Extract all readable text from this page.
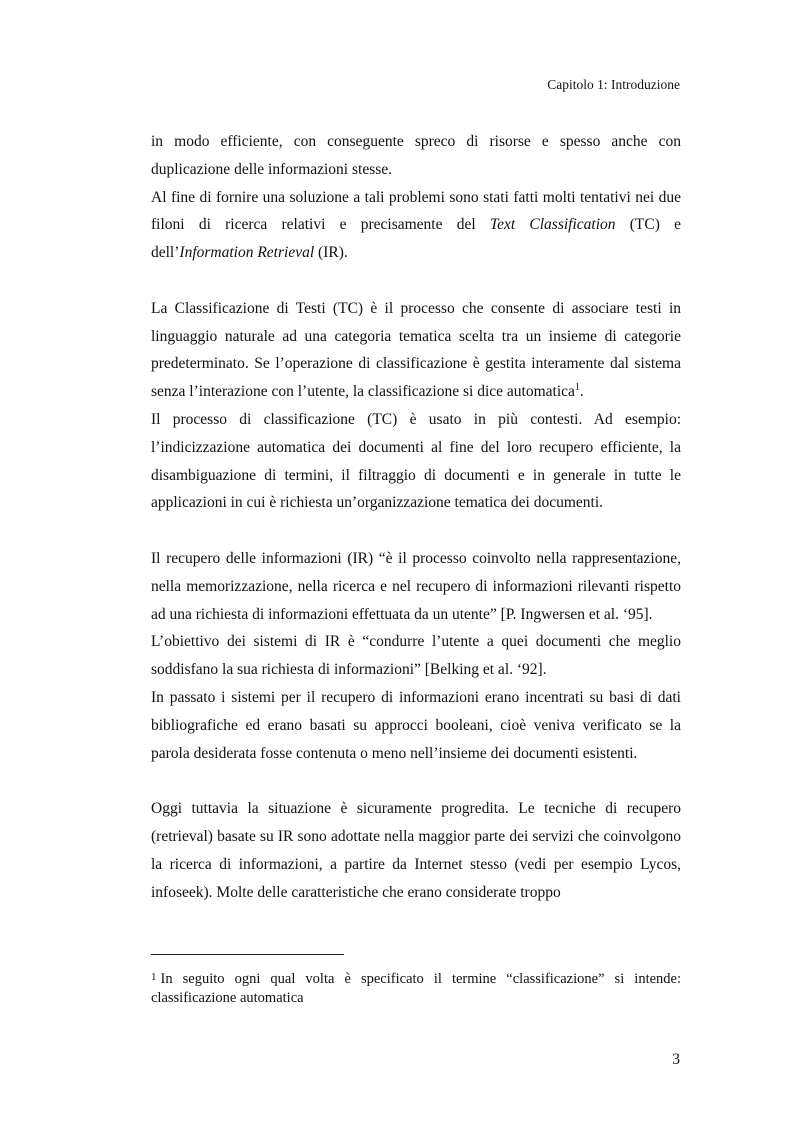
Capitolo 1: Introduzione

in modo efficiente, con conseguente spreco di risorse e spesso anche con duplicazione delle informazioni stesse.

Al fine di fornire una soluzione a tali problemi sono stati fatti molti tentativi nei due filoni di ricerca relativi e precisamente del Text Classification (TC) e dell’Information Retrieval (IR).

La Classificazione di Testi (TC) è il processo che consente di associare testi in linguaggio naturale ad una categoria tematica scelta tra un insieme di categorie predeterminato. Se l’operazione di classificazione è gestita interamente dal sistema senza l’interazione con l’utente, la classificazione si dice automatica$^1$.

Il processo di classificazione (TC) è usato in più contesti. Ad esempio: l’indicizzazione automatica dei documenti al fine del loro recupero efficiente, la disambiguazione di termini, il filtraggio di documenti e in generale in tutte le applicazioni in cui è richiesta un’organizzazione tematica dei documenti.

Il recupero delle informazioni (IR) “è il processo coinvolto nella rappresentazione, nella memorizzazione, nella ricerca e nel recupero di informazioni rilevanti rispetto ad una richiesta di informazioni effettuata da un utente” [P. Ingwersen et al. ‘95].

L’obiettivo dei sistemi di IR è “condurre l’utente a quei documenti che meglio soddisfano la sua richiesta di informazioni” [Belking et al. ‘92].

In passato i sistemi per il recupero di informazioni erano incentrati su basi di dati bibliografiche ed erano basati su approcci booleani, cioè veniva verificato se la parola desiderata fosse contenuta o meno nell’insieme dei documenti esistenti.

Oggi tuttavia la situazione è sicuramente progredita. Le tecniche di recupero (retrieval) basate su IR sono adottate nella maggior parte dei servizi che coinvolgono la ricerca di informazioni, a partire da Internet stesso (vedi per esempio Lycos, infoseek). Molte delle caratteristiche che erano considerate troppo

$^1$ In seguito ogni qual volta è specificato il termine “classificazione” si intende: classificazione automatica
3
